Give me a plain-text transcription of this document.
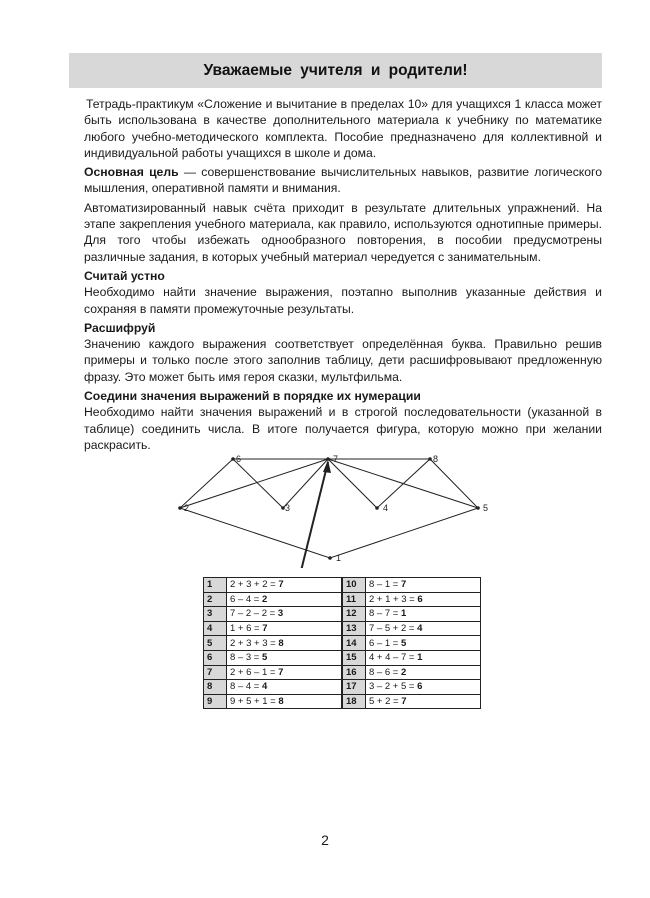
Уважаемые учителя и родители!

Тетрадь-практикум «Сложение и вычитание в пределах 10» для учащихся 1 класса может быть использована в качестве дополнительного материала к учебнику по математике любого учебно-методического комплекта. Пособие предназначено для коллективной и индивидуальной работы учащихся в школе и дома.

Основная цель — совершенствование вычислительных навыков, развитие логического мышления, оперативной памяти и внимания.

Автоматизированный навык счёта приходит в результате длительных упражнений. На этапе закрепления учебного материала, как правило, используются однотипные примеры. Для того чтобы избежать однообразного повторения, в пособии предусмотрены различные задания, в которых учебный материал чередуется с занимательным.

Считай устно

Необходимо найти значение выражения, поэтапно выполнив указанные действия и сохраняя в памяти промежуточные результаты.

Расшифруй

Значению каждого выражения соответствует определённая буква. Правильно решив примеры и только после этого заполнив таблицу, дети расшифровывают предложенную фразу. Это может быть имя героя сказки, мультфильма.

Соедини значения выражений в порядке их нумерации

Необходимо найти значения выражений и в строгой последовательности (указанной в таблице) соединить числа. В итоге получается фигура, которую можно при желании раскрасить.

6	7	8
2	3	4	5
1
1	2 + 3 + 2 = 7
2	6 – 4 = 2
3	7 – 2 – 2 = 3
4	1 + 6 = 7
5	2 + 3 + 3 = 8
6	8 – 3 = 5
7	2 + 6 – 1 = 7
8	8 – 4 = 4
9	9 + 5 + 1 = 8
10	8 – 1 = 7
11	2 + 1 + 3 = 6
12	8 – 7 = 1
13	7 – 5 + 2 = 4
14	6 – 1 = 5
15	4 + 4 – 7 = 1
16	8 – 6 = 2
17	3 – 2 + 5 = 6
18	5 + 2 = 7
2
